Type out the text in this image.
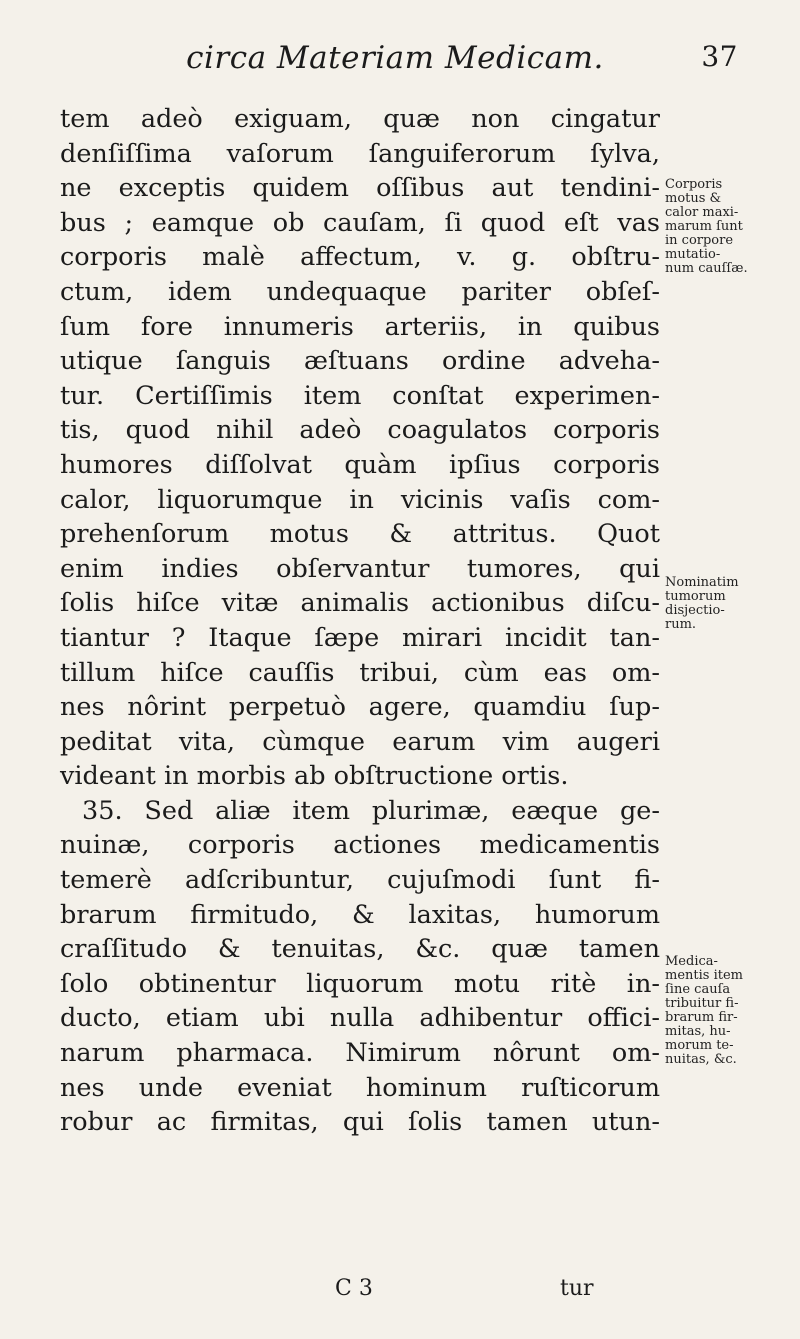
circa Materiam Medicam.	37
tem adeò exiguam, quæ non cingatur
denſiſſima vaſorum ſanguiferorum ſylva,
ne exceptis quidem oſſibus aut tendini-
bus ; eamque ob cauſam, ſi quod eſt vas
corporis malè affectum, v. g. obſtru-
ctum, idem undequaque pariter obſeſ-
ſum fore innumeris arteriis, in quibus
utique ſanguis æſtuans ordine adveha-
tur. Certiſſimis item conſtat experimen-
tis, quod nihil adeò coagulatos corporis
humores diſſolvat quàm ipſius corporis
calor, liquorumque in vicinis vaſis com-
prehenſorum motus & attritus. Quot
enim indies obſervantur tumores, qui
ſolis hiſce vitæ animalis actionibus diſcu-
tiantur ? Itaque ſæpe mirari incidit tan-
tillum hiſce cauſſis tribui, cùm eas om-
nes nôrint perpetuò agere, quamdiu ſup-
peditat vita, cùmque earum vim augeri
videant in morbis ab obſtructione ortis.
35. Sed aliæ item plurimæ, eæque ge-
nuinæ, corporis actiones medicamentis
temerè adſcribuntur, cujuſmodi ſunt fi-
brarum firmitudo, & laxitas, humorum
craſſitudo & tenuitas, &c. quæ tamen
ſolo obtinentur liquorum motu ritè in-
ducto, etiam ubi nulla adhibentur offici-
narum pharmaca. Nimirum nôrunt om-
nes unde eveniat hominum ruſticorum
robur ac firmitas, qui ſolis tamen utun-
Corporis
motus &
calor maxi-
marum ſunt
in corpore
mutatio-
num cauſſæ.
Nominatim
tumorum
disjectio-
rum.
Medica-
mentis item
ſine cauſa
tribuitur fi-
brarum fir-
mitas, hu-
morum te-
nuitas, &c.
C 3	tur
